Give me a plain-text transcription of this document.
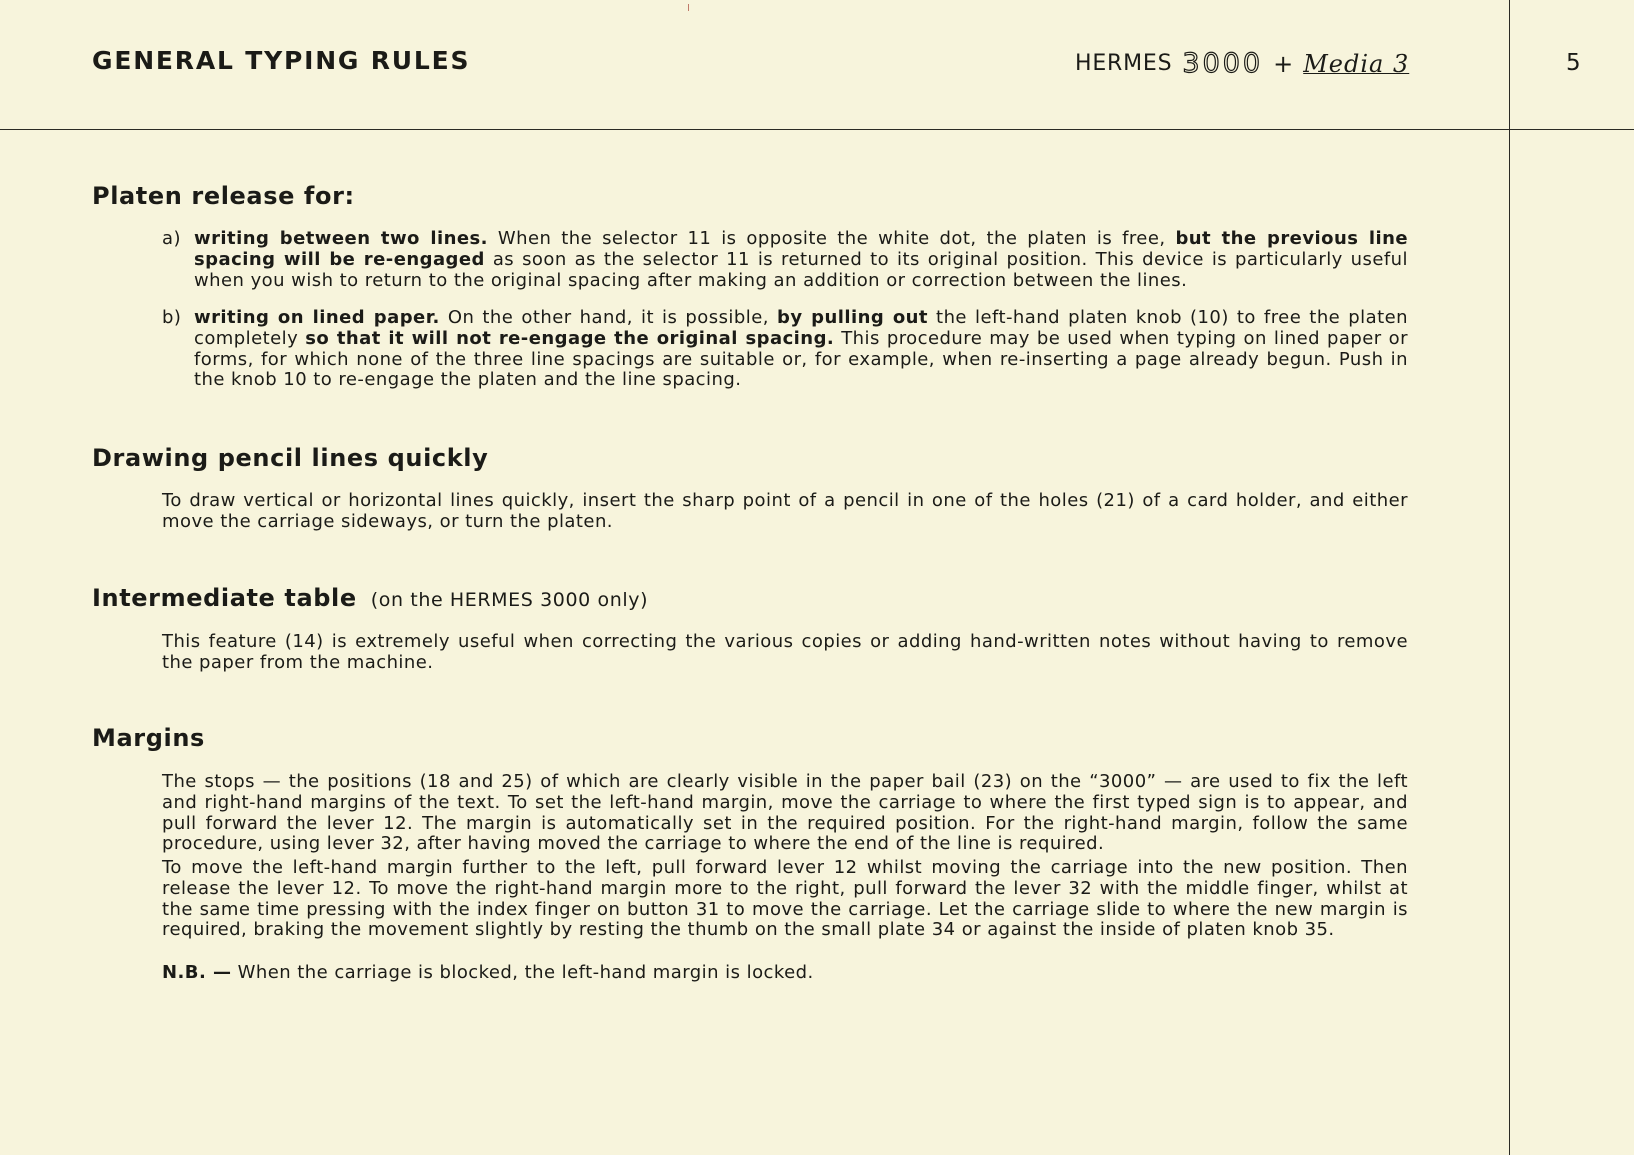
GENERAL TYPING RULES	HERMES 3000 + Media 3	5
Platen release for:
a) writing between two lines. When the selector 11 is opposite the white dot, the platen is free, but the previous line spacing will be re-engaged as soon as the selector 11 is returned to its original position. This device is particularly useful when you wish to return to the original spacing after making an addition or correction between the lines.
b) writing on lined paper. On the other hand, it is possible, by pulling out the left-hand platen knob (10) to free the platen completely so that it will not re-engage the original spacing. This procedure may be used when typing on lined paper or forms, for which none of the three line spacings are suitable or, for example, when re-inserting a page already begun. Push in the knob 10 to re-engage the platen and the line spacing.
Drawing pencil lines quickly
To draw vertical or horizontal lines quickly, insert the sharp point of a pencil in one of the holes (21) of a card holder, and either move the carriage sideways, or turn the platen.
Intermediate table (on the HERMES 3000 only)
This feature (14) is extremely useful when correcting the various copies or adding hand-written notes without having to remove the paper from the machine.
Margins
The stops — the positions (18 and 25) of which are clearly visible in the paper bail (23) on the “3000” — are used to fix the left and right-hand margins of the text. To set the left-hand margin, move the carriage to where the first typed sign is to appear, and pull forward the lever 12. The margin is automatically set in the required position. For the right-hand margin, follow the same procedure, using lever 32, after having moved the carriage to where the end of the line is required.
To move the left-hand margin further to the left, pull forward lever 12 whilst moving the carriage into the new position. Then release the lever 12. To move the right-hand margin more to the right, pull forward the lever 32 with the middle finger, whilst at the same time pressing with the index finger on button 31 to move the carriage. Let the carriage slide to where the new margin is required, braking the movement slightly by resting the thumb on the small plate 34 or against the inside of platen knob 35.
N.B. — When the carriage is blocked, the left-hand margin is locked.
